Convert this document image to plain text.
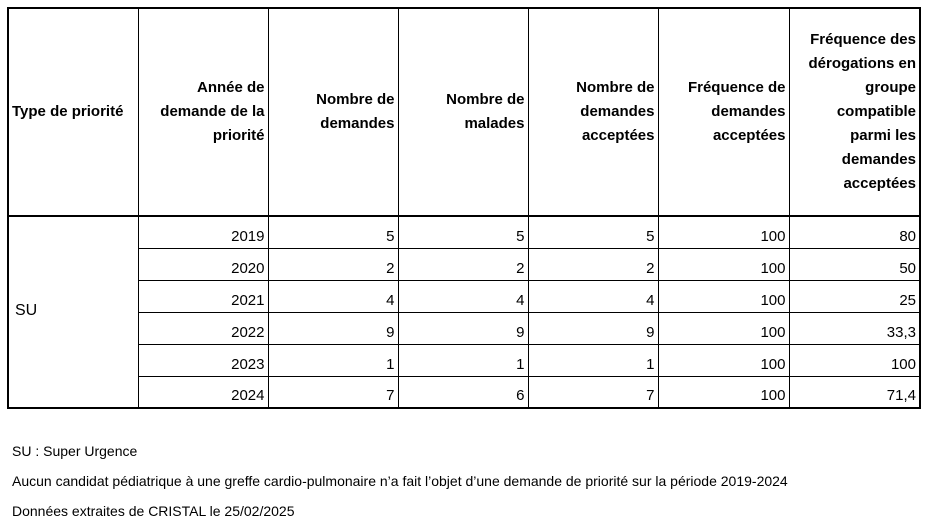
Type de priorité	Année de demande de la priorité	Nombre de demandes	Nombre de malades	Nombre de demandes acceptées	Fréquence de demandes acceptées	Fréquence des dérogations en groupe compatible parmi les demandes acceptées
SU	2019	5	5	5	100	80
	2020	2	2	2	100	50
	2021	4	4	4	100	25
	2022	9	9	9	100	33,3
	2023	1	1	1	100	100
	2024	7	6	7	100	71,4

SU : Super Urgence

Aucun candidat pédiatrique à une greffe cardio-pulmonaire n’a fait l’objet d’une demande de priorité sur la période 2019-2024

Données extraites de CRISTAL le 25/02/2025
